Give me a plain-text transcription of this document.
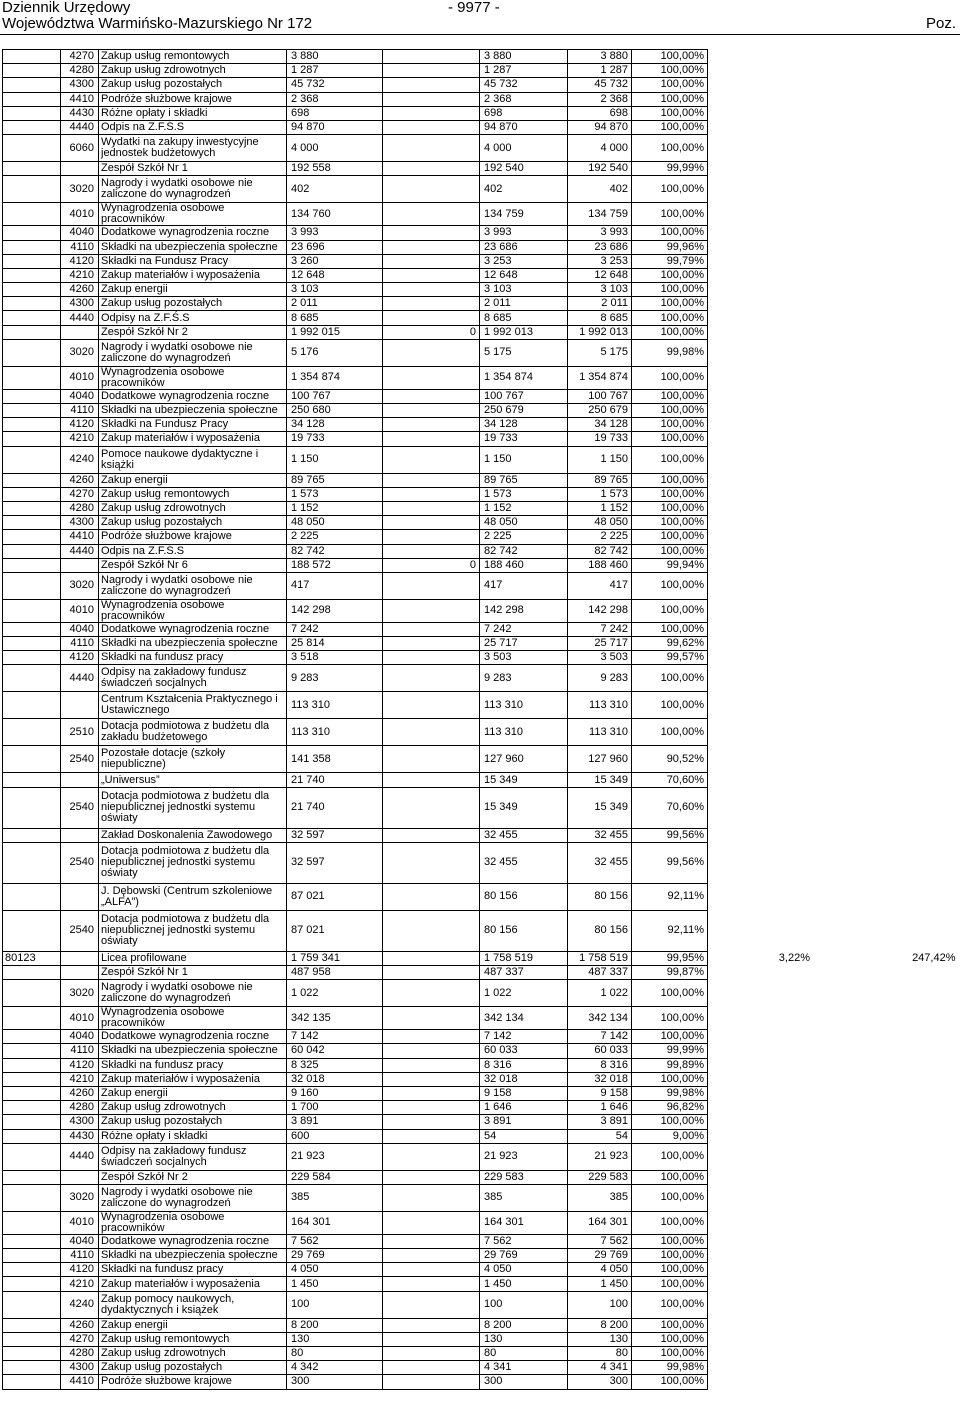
Dziennik Urzędowy
Województwa Warmińsko-Mazurskiego Nr 172
- 9977 -
Poz.
	4270	Zakup usług remontowych	3 880		3 880	3 880	100,00%		
	4280	Zakup usług zdrowotnych	1 287		1 287	1 287	100,00%		
	4300	Zakup usług pozostałych	45 732		45 732	45 732	100,00%		
	4410	Podróże służbowe krajowe	2 368		2 368	2 368	100,00%		
	4430	Różne opłaty i składki	698		698	698	100,00%		
	4440	Odpis na Z.F.Ś.S	94 870		94 870	94 870	100,00%		
	6060	Wydatki na zakupy inwestycyjne jednostek budżetowych	4 000		4 000	4 000	100,00%		
		Zespół Szkół Nr 1	192 558		192 540	192 540	99,99%		
	3020	Nagrody i wydatki osobowe nie zaliczone do wynagrodzeń	402		402	402	100,00%		
	4010	Wynagrodzenia osobowe pracowników	134 760		134 759	134 759	100,00%		
	4040	Dodatkowe wynagrodzenia roczne	3 993		3 993	3 993	100,00%		
	4110	Składki na ubezpieczenia społeczne	23 696		23 686	23 686	99,96%		
	4120	Składki na Fundusz Pracy	3 260		3 253	3 253	99,79%		
	4210	Zakup materiałów i wyposażenia	12 648		12 648	12 648	100,00%		
	4260	Zakup energii	3 103		3 103	3 103	100,00%		
	4300	Zakup usług pozostałych	2 011		2 011	2 011	100,00%		
	4440	Odpisy na Z.F.Ś.S	8 685		8 685	8 685	100,00%		
		Zespół Szkół Nr 2	1 992 015	0	1 992 013	1 992 013	100,00%		
	3020	Nagrody i wydatki osobowe nie zaliczone do wynagrodzeń	5 176		5 175	5 175	99,98%		
	4010	Wynagrodzenia osobowe pracowników	1 354 874		1 354 874	1 354 874	100,00%		
	4040	Dodatkowe wynagrodzenia roczne	100 767		100 767	100 767	100,00%		
	4110	Składki na ubezpieczenia społeczne	250 680		250 679	250 679	100,00%		
	4120	Składki na Fundusz Pracy	34 128		34 128	34 128	100,00%		
	4210	Zakup materiałów i wyposażenia	19 733		19 733	19 733	100,00%		
	4240	Pomoce naukowe dydaktyczne i książki	1 150		1 150	1 150	100,00%		
	4260	Zakup energii	89 765		89 765	89 765	100,00%		
	4270	Zakup usług remontowych	1 573		1 573	1 573	100,00%		
	4280	Zakup usług zdrowotnych	1 152		1 152	1 152	100,00%		
	4300	Zakup usług pozostałych	48 050		48 050	48 050	100,00%		
	4410	Podróże służbowe krajowe	2 225		2 225	2 225	100,00%		
	4440	Odpis na Z.F.Ś.S	82 742		82 742	82 742	100,00%		
		Zespół Szkół Nr 6	188 572	0	188 460	188 460	99,94%		
	3020	Nagrody i wydatki osobowe nie zaliczone do wynagrodzeń	417		417	417	100,00%		
	4010	Wynagrodzenia osobowe pracowników	142 298		142 298	142 298	100,00%		
	4040	Dodatkowe wynagrodzenia roczne	7 242		7 242	7 242	100,00%		
	4110	Składki na ubezpieczenia społeczne	25 814		25 717	25 717	99,62%		
	4120	Składki na fundusz pracy	3 518		3 503	3 503	99,57%		
	4440	Odpisy na zakładowy fundusz świadczeń socjalnych	9 283		9 283	9 283	100,00%		
		Centrum Kształcenia Praktycznego i Ustawicznego	113 310		113 310	113 310	100,00%		
	2510	Dotacja podmiotowa z budżetu dla zakładu budżetowego	113 310		113 310	113 310	100,00%		
	2540	Pozostałe dotacje (szkoły niepubliczne)	141 358		127 960	127 960	90,52%		
		„Uniwersus”	21 740		15 349	15 349	70,60%		
	2540	Dotacja podmiotowa z budżetu dla niepublicznej jednostki systemu oświaty	21 740		15 349	15 349	70,60%		
		Zakład Doskonalenia Zawodowego	32 597		32 455	32 455	99,56%		
	2540	Dotacja podmiotowa z budżetu dla niepublicznej jednostki systemu oświaty	32 597		32 455	32 455	99,56%		
		J. Dębowski (Centrum szkoleniowe „ALFA”)	87 021		80 156	80 156	92,11%		
	2540	Dotacja podmiotowa z budżetu dla niepublicznej jednostki systemu oświaty	87 021		80 156	80 156	92,11%		
80123		Licea profilowane	1 759 341		1 758 519	1 758 519	99,95%	3,22%	247,42%
		Zespół Szkół Nr 1	487 958		487 337	487 337	99,87%		
	3020	Nagrody i wydatki osobowe nie zaliczone do wynagrodzeń	1 022		1 022	1 022	100,00%		
	4010	Wynagrodzenia osobowe pracowników	342 135		342 134	342 134	100,00%		
	4040	Dodatkowe wynagrodzenia roczne	7 142		7 142	7 142	100,00%		
	4110	Składki na ubezpieczenia społeczne	60 042		60 033	60 033	99,99%		
	4120	Składki na fundusz pracy	8 325		8 316	8 316	99,89%		
	4210	Zakup materiałów i wyposażenia	32 018		32 018	32 018	100,00%		
	4260	Zakup energii	9 160		9 158	9 158	99,98%		
	4280	Zakup usług zdrowotnych	1 700		1 646	1 646	96,82%		
	4300	Zakup usług pozostałych	3 891		3 891	3 891	100,00%		
	4430	Różne opłaty i składki	600		54	54	9,00%		
	4440	Odpisy na zakładowy fundusz świadczeń socjalnych	21 923		21 923	21 923	100,00%		
		Zespół Szkół Nr 2	229 584		229 583	229 583	100,00%		
	3020	Nagrody i wydatki osobowe nie zaliczone do wynagrodzeń	385		385	385	100,00%		
	4010	Wynagrodzenia osobowe pracowników	164 301		164 301	164 301	100,00%		
	4040	Dodatkowe wynagrodzenia roczne	7 562		7 562	7 562	100,00%		
	4110	Składki na ubezpieczenia społeczne	29 769		29 769	29 769	100,00%		
	4120	Składki na fundusz pracy	4 050		4 050	4 050	100,00%		
	4210	Zakup materiałów i wyposażenia	1 450		1 450	1 450	100,00%		
	4240	Zakup pomocy naukowych, dydaktycznych i książek	100		100	100	100,00%		
	4260	Zakup energii	8 200		8 200	8 200	100,00%		
	4270	Zakup usług remontowych	130		130	130	100,00%		
	4280	Zakup usług zdrowotnych	80		80	80	100,00%		
	4300	Zakup usług pozostałych	4 342		4 341	4 341	99,98%		
	4410	Podróże służbowe krajowe	300		300	300	100,00%		
